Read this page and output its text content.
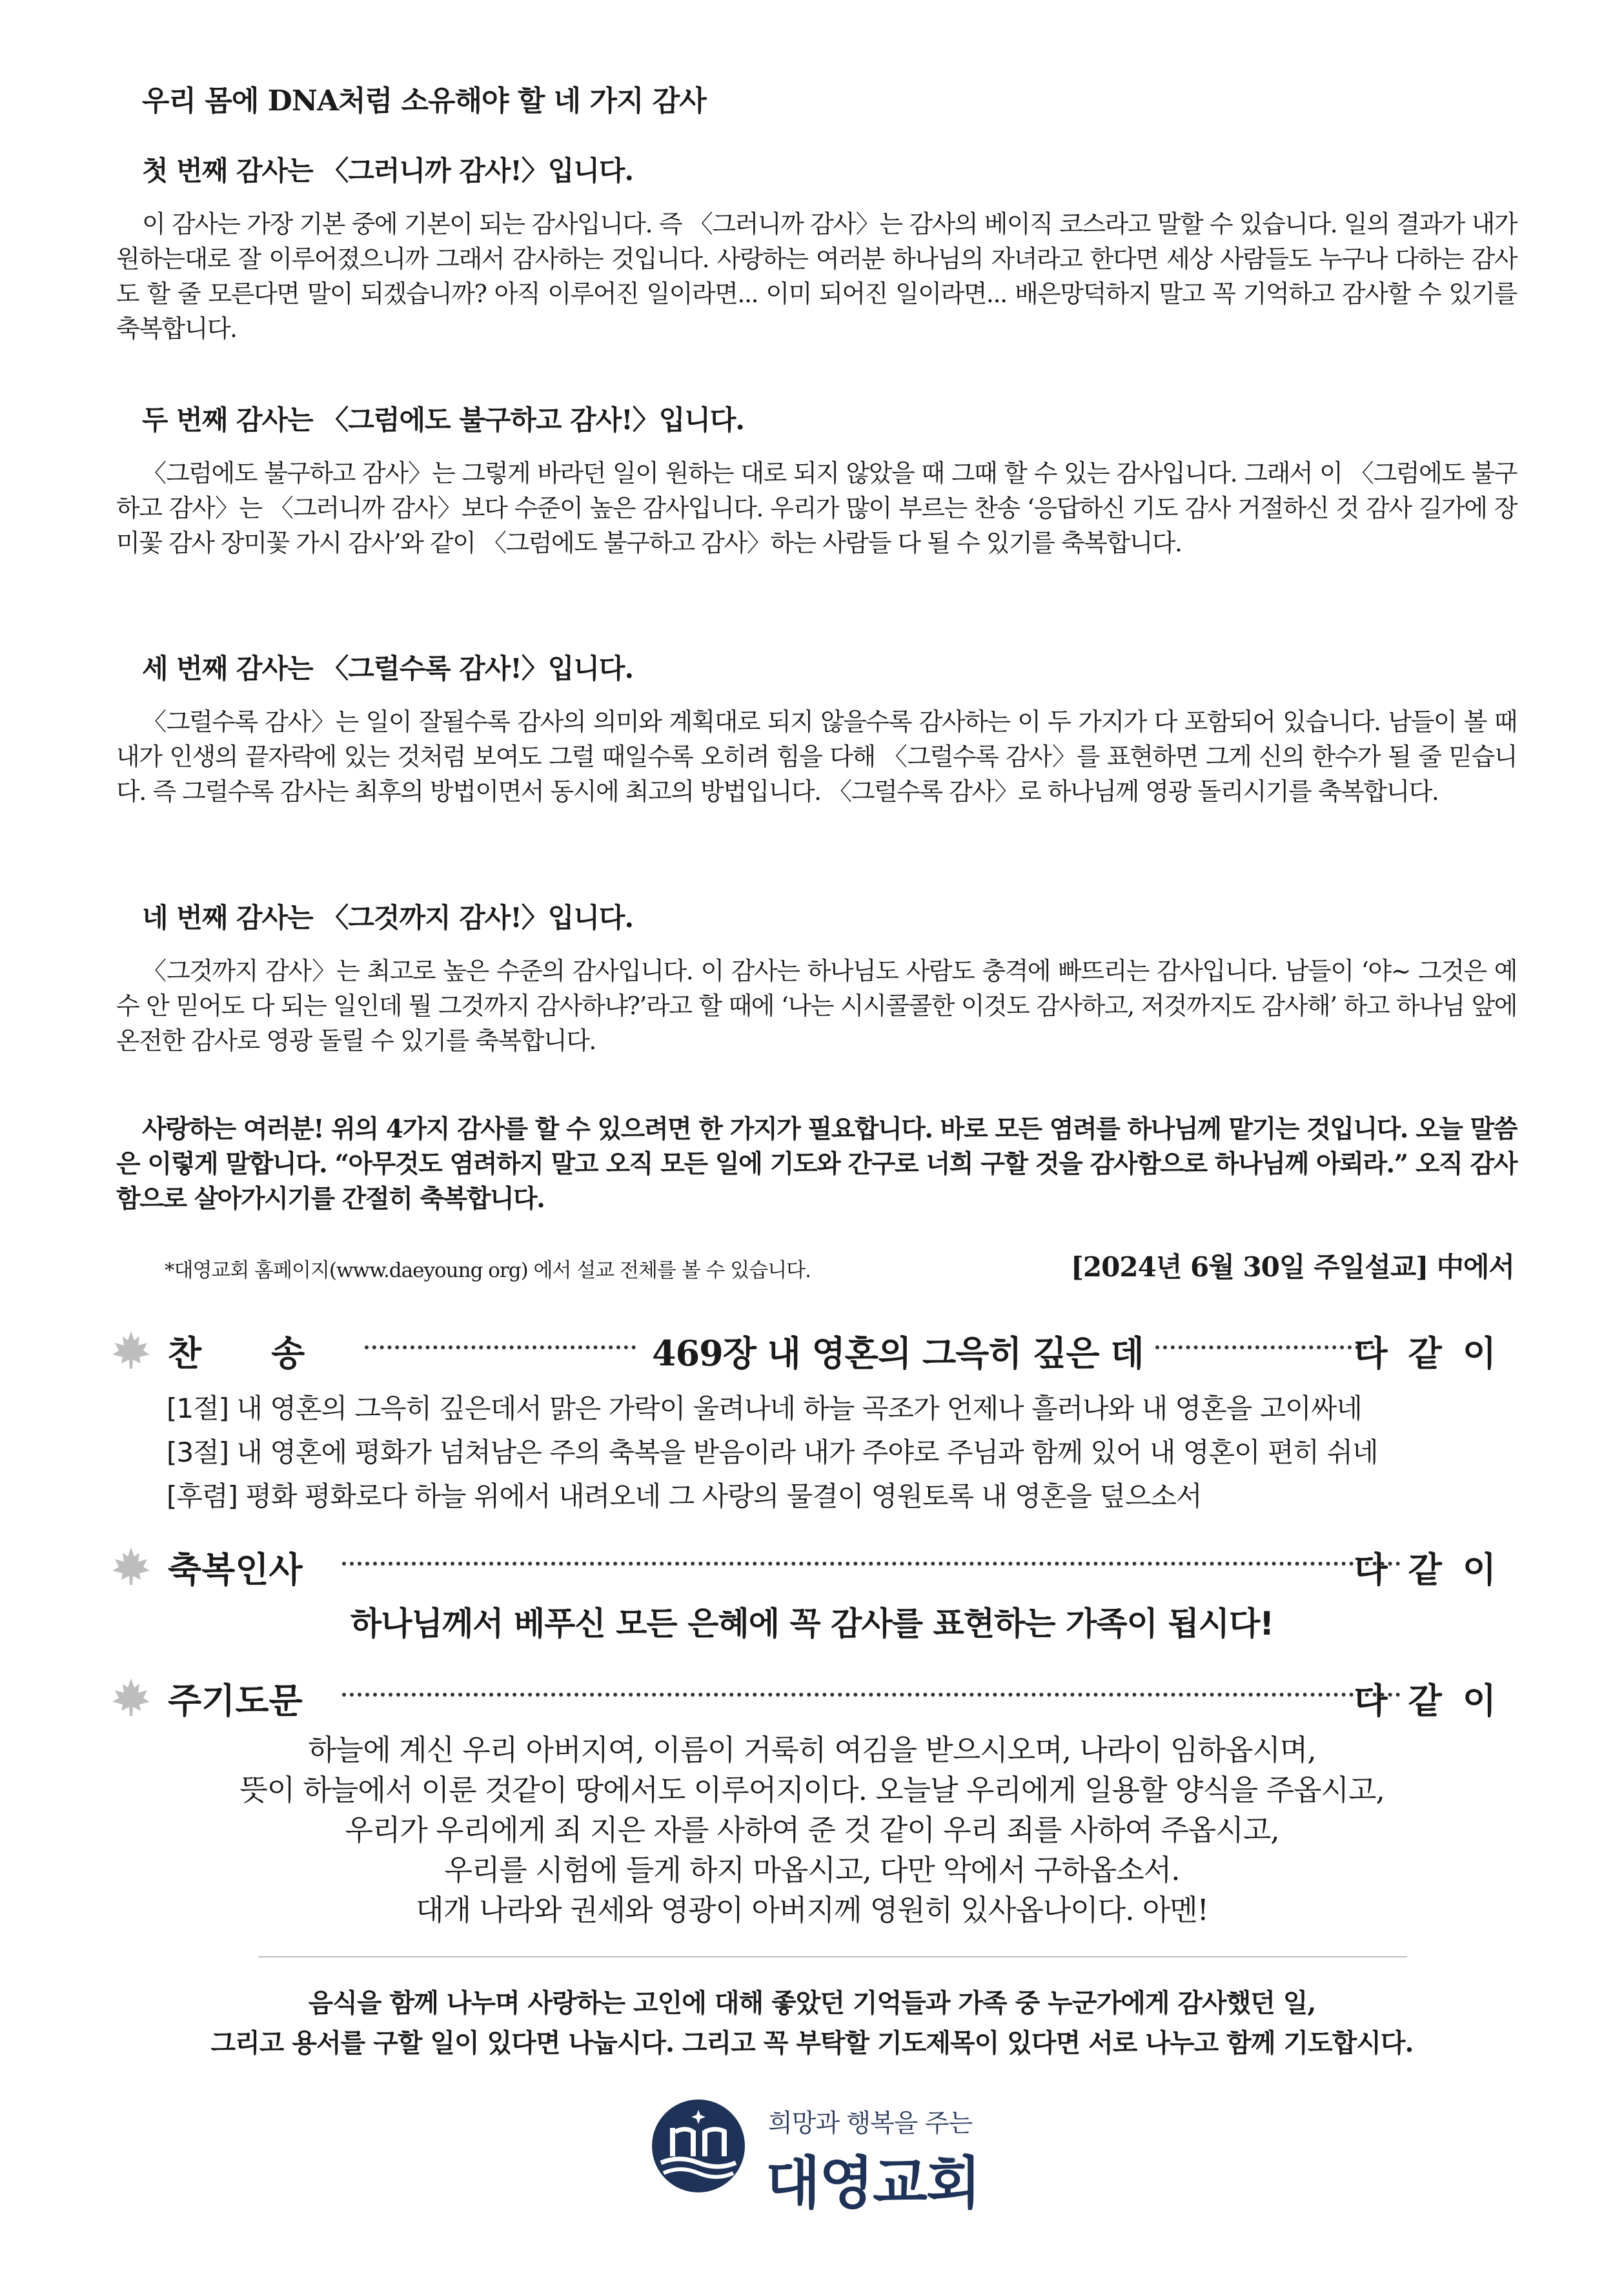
우리 몸에 DNA처럼 소유해야 할 네 가지 감사
첫 번째 감사는 〈그러니까 감사!〉입니다.
이 감사는 가장 기본 중에 기본이 되는 감사입니다. 즉 〈그러니까 감사〉는 감사의 베이직 코스라고 말할 수 있습니다. 일의 결과가 내가 원하는대로 잘 이루어졌으니까 그래서 감사하는 것입니다. 사랑하는 여러분 하나님의 자녀라고 한다면 세상 사람들도 누구나 다하는 감사도 할 줄 모른다면 말이 되겠습니까? 아직 이루어진 일이라면... 이미 되어진 일이라면... 배은망덕하지 말고 꼭 기억하고 감사할 수 있기를 축복합니다.
두 번째 감사는 〈그럼에도 불구하고 감사!〉입니다.
〈그럼에도 불구하고 감사〉는 그렇게 바라던 일이 원하는 대로 되지 않았을 때 그때 할 수 있는 감사입니다. 그래서 이 〈그럼에도 불구하고 감사〉는 〈그러니까 감사〉보다 수준이 높은 감사입니다. 우리가 많이 부르는 찬송 ‘응답하신 기도 감사 거절하신 것 감사 길가에 장미꽃 감사 장미꽃 가시 감사’와 같이 〈그럼에도 불구하고 감사〉하는 사람들 다 될 수 있기를 축복합니다.
세 번째 감사는 〈그럴수록 감사!〉입니다.
〈그럴수록 감사〉는 일이 잘될수록 감사의 의미와 계획대로 되지 않을수록 감사하는 이 두 가지가 다 포함되어 있습니다. 남들이 볼 때 내가 인생의 끝자락에 있는 것처럼 보여도 그럴 때일수록 오히려 힘을 다해 〈그럴수록 감사〉를 표현하면 그게 신의 한수가 될 줄 믿습니다. 즉 그럴수록 감사는 최후의 방법이면서 동시에 최고의 방법입니다. 〈그럴수록 감사〉로 하나님께 영광 돌리시기를 축복합니다.
네 번째 감사는 〈그것까지 감사!〉입니다.
〈그것까지 감사〉는 최고로 높은 수준의 감사입니다. 이 감사는 하나님도 사람도 충격에 빠뜨리는 감사입니다. 남들이 ‘야~ 그것은 예수 안 믿어도 다 되는 일인데 뭘 그것까지 감사하냐?’라고 할 때에 ‘나는 시시콜콜한 이것도 감사하고, 저것까지도 감사해’ 하고 하나님 앞에 온전한 감사로 영광 돌릴 수 있기를 축복합니다.
사랑하는 여러분! 위의 4가지 감사를 할 수 있으려면 한 가지가 필요합니다. 바로 모든 염려를 하나님께 맡기는 것입니다. 오늘 말씀은 이렇게 말합니다. “아무것도 염려하지 말고 오직 모든 일에 기도와 간구로 너희 구할 것을 감사함으로 하나님께 아뢰라.” 오직 감사함으로 살아가시기를 간절히 축복합니다.
*대영교회 홈페이지(www.daeyoung org) 에서 설교 전체를 볼 수 있습니다.	[2024년 6월 30일 주일설교] 中에서
찬　　송	469장 내 영혼의 그윽히 깊은 데	다같이
[1절] 내 영혼의 그윽히 깊은데서 맑은 가락이 울려나네 하늘 곡조가 언제나 흘러나와 내 영혼을 고이싸네
[3절] 내 영혼에 평화가 넘쳐남은 주의 축복을 받음이라 내가 주야로 주님과 함께 있어 내 영혼이 편히 쉬네
[후렴] 평화 평화로다 하늘 위에서 내려오네 그 사랑의 물결이 영원토록 내 영혼을 덮으소서
축복인사	다같이
하나님께서 베푸신 모든 은혜에 꼭 감사를 표현하는 가족이 됩시다!
주기도문	다같이
하늘에 계신 우리 아버지여, 이름이 거룩히 여김을 받으시오며, 나라이 임하옵시며,
뜻이 하늘에서 이룬 것같이 땅에서도 이루어지이다. 오늘날 우리에게 일용할 양식을 주옵시고,
우리가 우리에게 죄 지은 자를 사하여 준 것 같이 우리 죄를 사하여 주옵시고,
우리를 시험에 들게 하지 마옵시고, 다만 악에서 구하옵소서.
대개 나라와 권세와 영광이 아버지께 영원히 있사옵나이다. 아멘!
음식을 함께 나누며 사랑하는 고인에 대해 좋았던 기억들과 가족 중 누군가에게 감사했던 일,
그리고 용서를 구할 일이 있다면 나눕시다. 그리고 꼭 부탁할 기도제목이 있다면 서로 나누고 함께 기도합시다.
희망과 행복을 주는
대영교회
